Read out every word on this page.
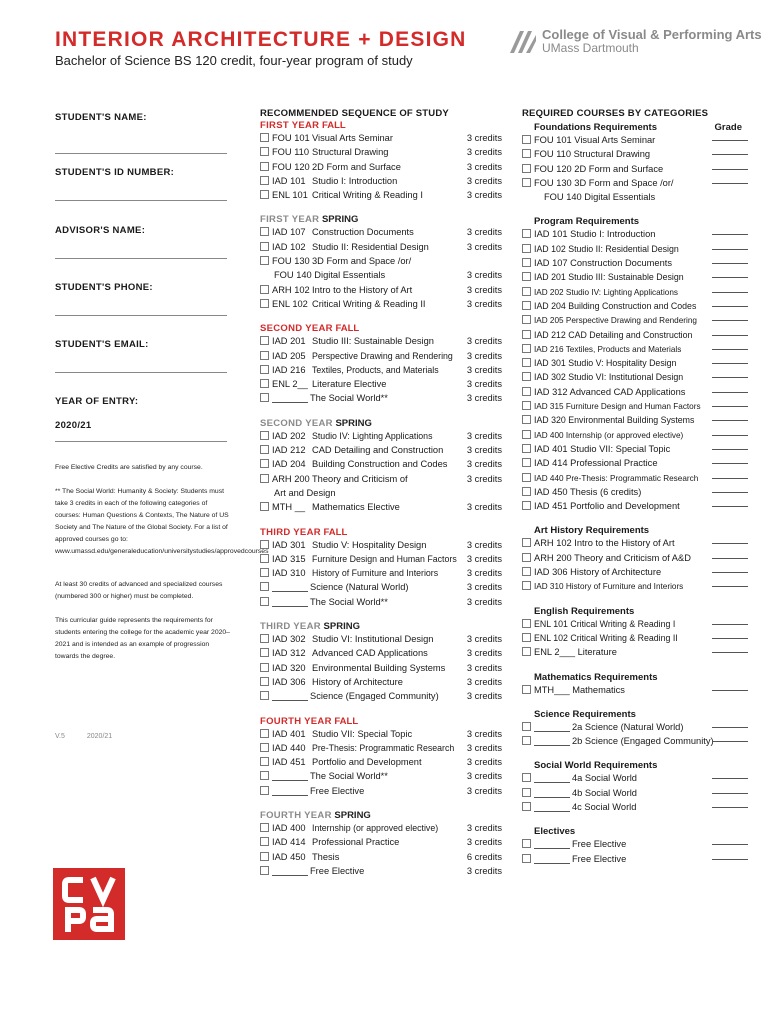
INTERIOR ARCHITECTURE + DESIGN
Bachelor of Science BS 120 credit, four-year program of study
College of Visual & Performing Arts
UMass Dartmouth
STUDENT'S NAME:
STUDENT'S ID NUMBER:
ADVISOR'S NAME:
STUDENT'S PHONE:
STUDENT'S EMAIL:
YEAR OF ENTRY:
2020/21
Free Elective Credits are satisfied by any course.
** The Social World: Humanity & Society: Students must take 3 credits in each of the following categories of courses: Human Questions & Contexts, The Nature of US Society and The Nature of the Global Society. For a list of approved courses go to: www.umassd.edu/generaleducation/universitystudies/approvedcourses
At least 30 credits of advanced and specialized courses (numbered 300 or higher) must be completed.
This curricular guide represents the requirements for students entering the college for the academic year 2020–2021 and is intended as an example of progression towards the degree.
V.5	2020/21
RECOMMENDED SEQUENCE OF STUDY
FIRST YEAR FALL
FOU 101 Visual Arts Seminar	3 credits
FOU 110 Structural Drawing	3 credits
FOU 120 2D Form and Surface	3 credits
IAD 101 Studio I: Introduction	3 credits
ENL 101 Critical Writing & Reading I	3 credits
FIRST YEAR SPRING
IAD 107 Construction Documents	3 credits
IAD 102 Studio II: Residential Design	3 credits
FOU 130 3D Form and Space /or/
FOU 140 Digital Essentials	3 credits
ARH 102 Intro to the History of Art	3 credits
ENL 102 Critical Writing & Reading II	3 credits
SECOND YEAR FALL
IAD 201 Studio III: Sustainable Design	3 credits
IAD 205 Perspective Drawing and Rendering 3 credits
IAD 216 Textiles, Products, and Materials	3 credits
ENL 2__ Literature Elective	3 credits
The Social World**	3 credits
SECOND YEAR SPRING
IAD 202 Studio IV: Lighting Applications	3 credits
IAD 212 CAD Detailing and Construction	3 credits
IAD 204 Building Construction and Codes 3 credits
ARH 200 Theory and Criticism of	3 credits
Art and Design
MTH __ Mathematics Elective	3 credits
THIRD YEAR FALL
IAD 301 Studio V: Hospitality Design	3 credits
IAD 315 Furniture Design and Human Factors 3 credits
IAD 310 History of Furniture and Interiors	3 credits
Science (Natural World)	3 credits
The Social World**	3 credits
THIRD YEAR SPRING
IAD 302 Studio VI: Institutional Design	3 credits
IAD 312 Advanced CAD Applications	3 credits
IAD 320 Environmental Building Systems 3 credits
IAD 306 History of Architecture	3 credits
Science (Engaged Community)	3 credits
FOURTH YEAR FALL
IAD 401 Studio VII: Special Topic	3 credits
IAD 440 Pre-Thesis: Programmatic Research 3 credits
IAD 451 Portfolio and Development	3 credits
The Social World**	3 credits
Free Elective	3 credits
FOURTH YEAR SPRING
IAD 400 Internship (or approved elective)	3 credits
IAD 414 Professional Practice	3 credits
IAD 450 Thesis	6 credits
Free Elective	3 credits
REQUIRED COURSES BY CATEGORIES
Foundations Requirements	Grade
FOU 101 Visual Arts Seminar
FOU 110 Structural Drawing
FOU 120 2D Form and Surface
FOU 130 3D Form and Space /or/
FOU 140 Digital Essentials
Program Requirements
IAD 101 Studio I: Introduction
IAD 102 Studio II: Residential Design
IAD 107 Construction Documents
IAD 201 Studio III: Sustainable Design
IAD 202 Studio IV: Lighting Applications
IAD 204 Building Construction and Codes
IAD 205 Perspective Drawing and Rendering
IAD 212 CAD Detailing and Construction
IAD 216 Textiles, Products and Materials
IAD 301 Studio V: Hospitality Design
IAD 302 Studio VI: Institutional Design
IAD 312 Advanced CAD Applications
IAD 315 Furniture Design and Human Factors
IAD 320 Environmental Building Systems
IAD 400 Internship (or approved elective)
IAD 401 Studio VII: Special Topic
IAD 414 Professional Practice
IAD 440 Pre-Thesis: Programmatic Research
IAD 450 Thesis (6 credits)
IAD 451 Portfolio and Development
Art History Requirements
ARH 102 Intro to the History of Art
ARH 200 Theory and Criticism of A&D
IAD 306 History of Architecture
IAD 310 History of Furniture and Interiors
English Requirements
ENL 101 Critical Writing & Reading I
ENL 102 Critical Writing & Reading II
ENL 2___ Literature
Mathematics Requirements
MTH___ Mathematics
Science Requirements
2a Science (Natural World)
2b Science (Engaged Community)
Social World Requirements
4a Social World
4b Social World
4c Social World
Electives
Free Elective
Free Elective
